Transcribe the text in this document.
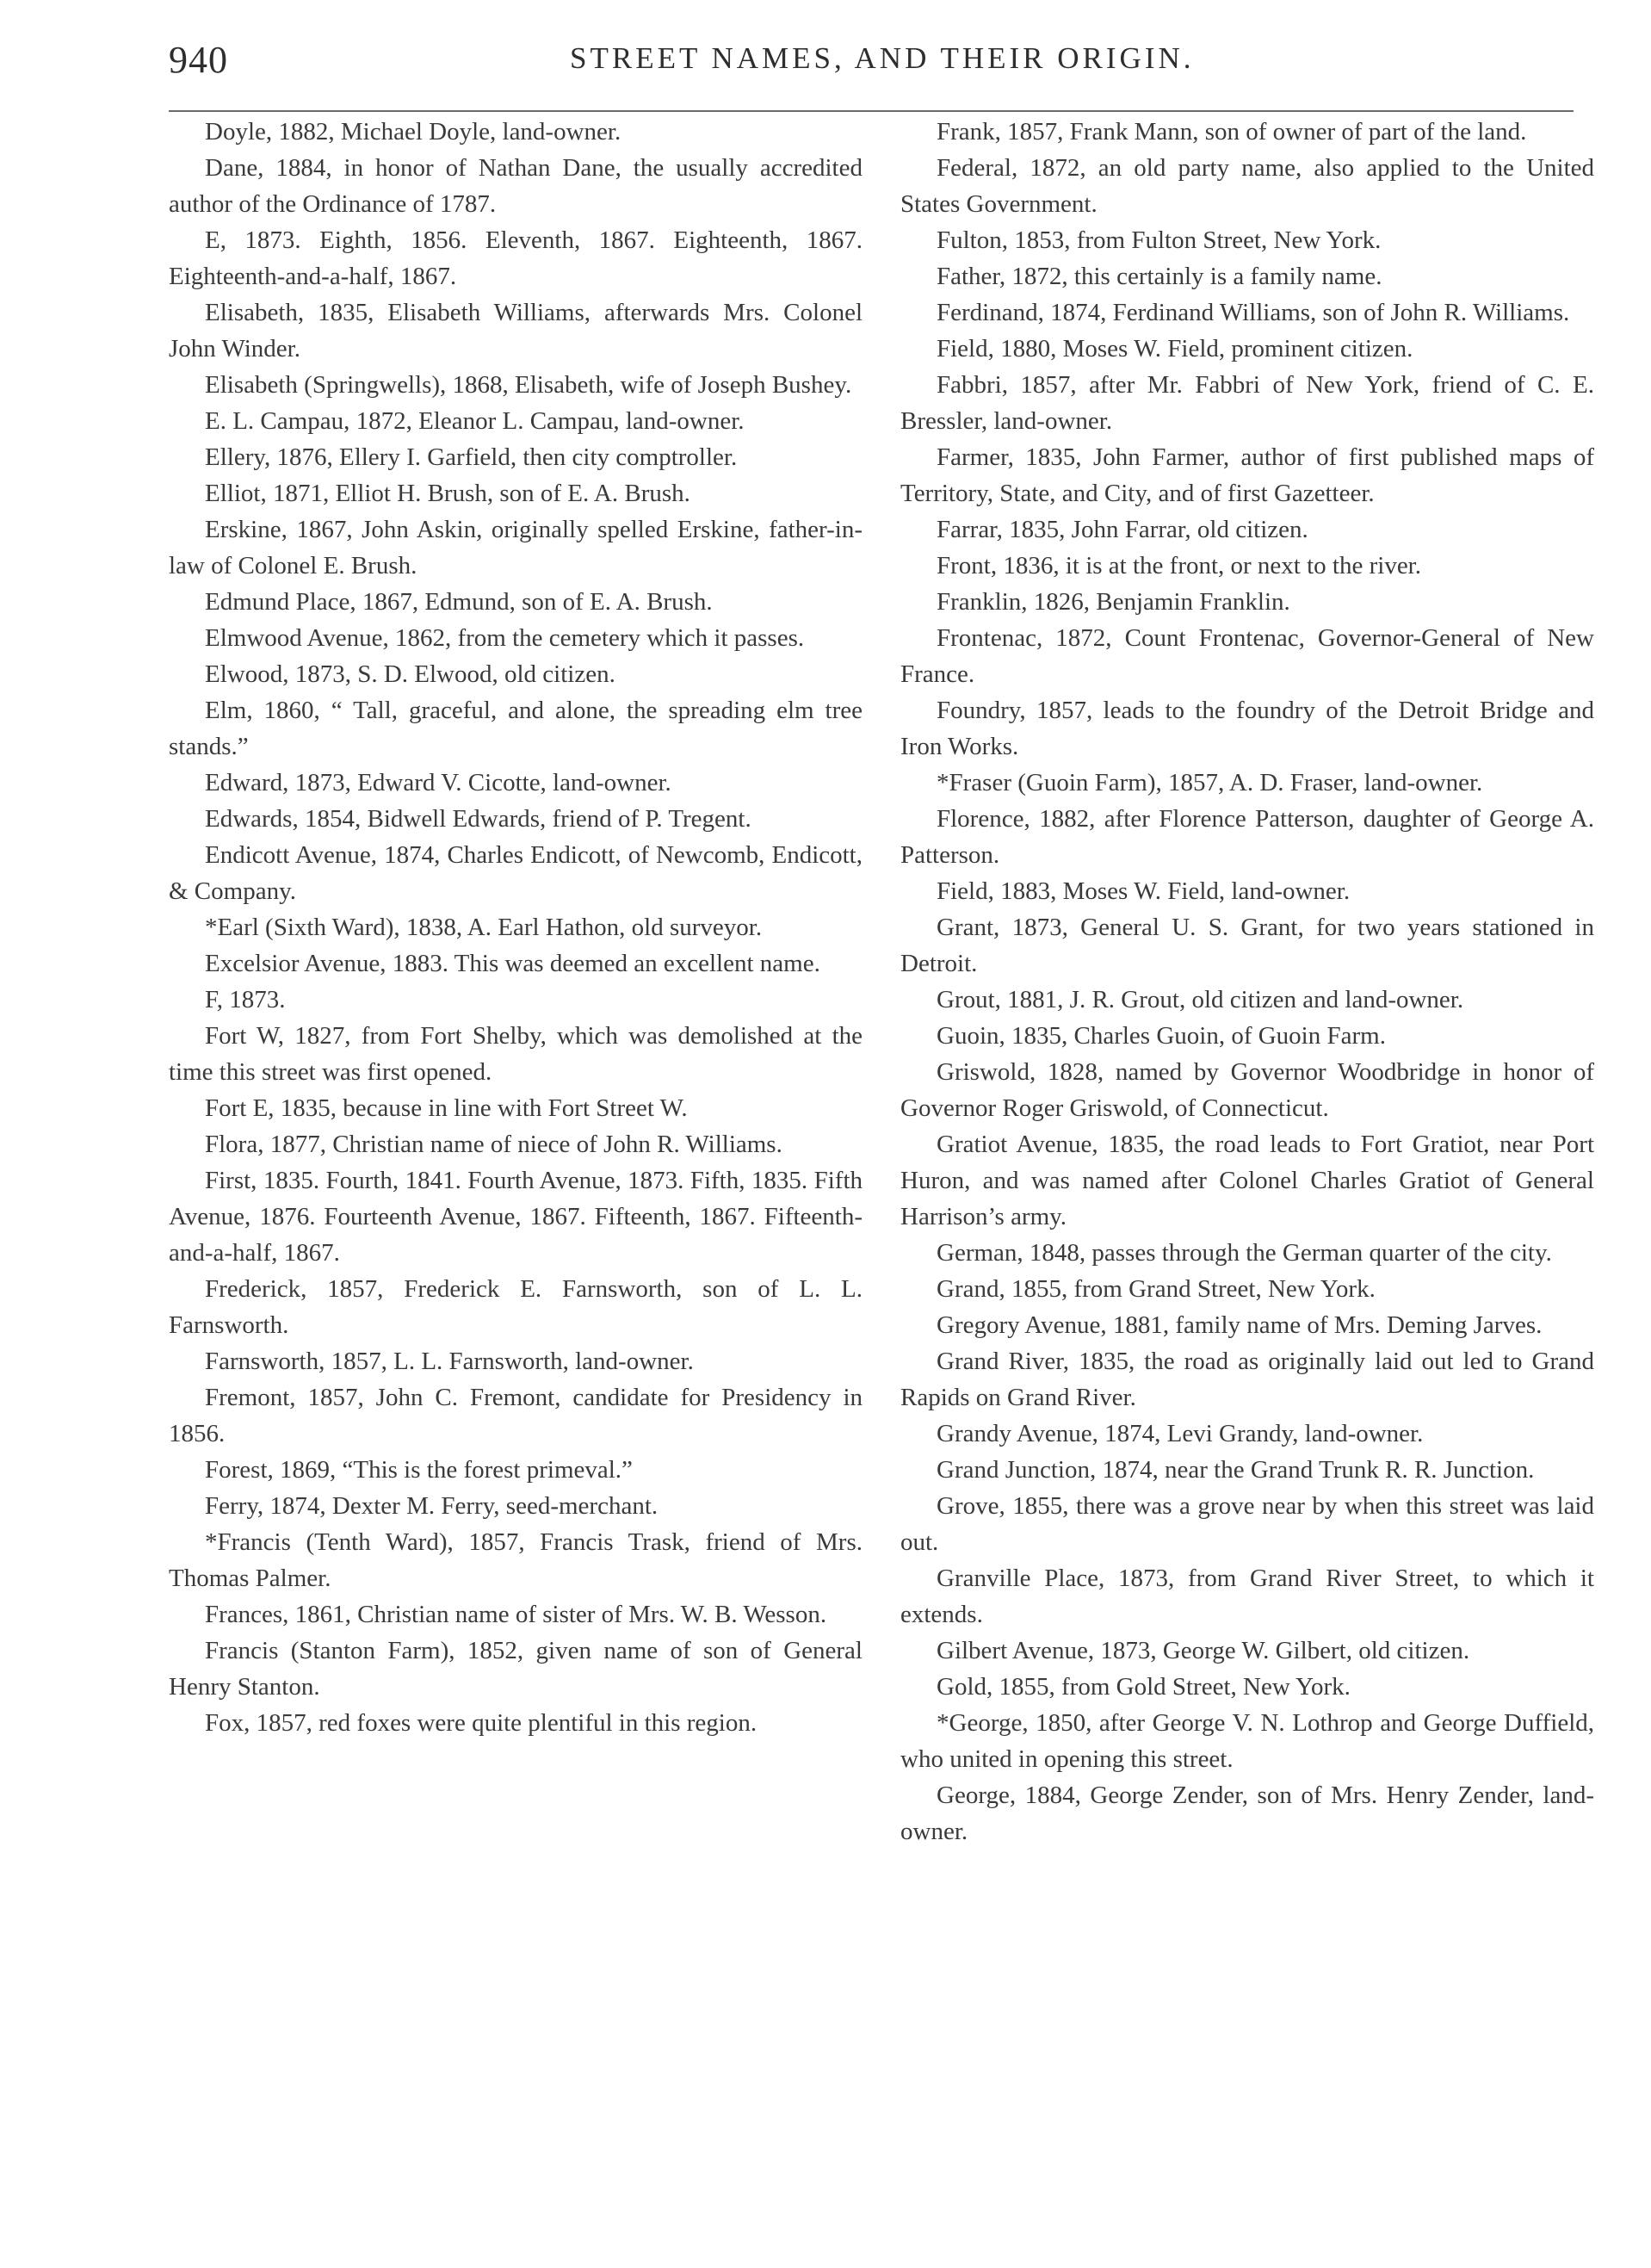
940	STREET NAMES, AND THEIR ORIGIN.

Doyle, 1882, Michael Doyle, land-owner.

Dane, 1884, in honor of Nathan Dane, the usually accredited author of the Ordinance of 1787.

E, 1873. Eighth, 1856. Eleventh, 1867. Eighteenth, 1867. Eighteenth-and-a-half, 1867.

Elisabeth, 1835, Elisabeth Williams, afterwards Mrs. Colonel John Winder.

Elisabeth (Springwells), 1868, Elisabeth, wife of Joseph Bushey.

E. L. Campau, 1872, Eleanor L. Campau, land-owner.

Ellery, 1876, Ellery I. Garfield, then city comptroller.

Elliot, 1871, Elliot H. Brush, son of E. A. Brush.

Erskine, 1867, John Askin, originally spelled Erskine, father-in-law of Colonel E. Brush.

Edmund Place, 1867, Edmund, son of E. A. Brush.

Elmwood Avenue, 1862, from the cemetery which it passes.

Elwood, 1873, S. D. Elwood, old citizen.

Elm, 1860, “ Tall, graceful, and alone, the spreading elm tree stands.”

Edward, 1873, Edward V. Cicotte, land-owner.

Edwards, 1854, Bidwell Edwards, friend of P. Tregent.

Endicott Avenue, 1874, Charles Endicott, of Newcomb, Endicott, & Company.

*Earl (Sixth Ward), 1838, A. Earl Hathon, old surveyor.

Excelsior Avenue, 1883. This was deemed an excellent name.

F, 1873.

Fort W, 1827, from Fort Shelby, which was demolished at the time this street was first opened.

Fort E, 1835, because in line with Fort Street W.

Flora, 1877, Christian name of niece of John R. Williams.

First, 1835. Fourth, 1841. Fourth Avenue, 1873. Fifth, 1835. Fifth Avenue, 1876. Fourteenth Avenue, 1867. Fifteenth, 1867. Fifteenth-and-a-half, 1867.

Frederick, 1857, Frederick E. Farnsworth, son of L. L. Farnsworth.

Farnsworth, 1857, L. L. Farnsworth, land-owner.

Fremont, 1857, John C. Fremont, candidate for Presidency in 1856.

Forest, 1869, “This is the forest primeval.”

Ferry, 1874, Dexter M. Ferry, seed-merchant.

*Francis (Tenth Ward), 1857, Francis Trask, friend of Mrs. Thomas Palmer.

Frances, 1861, Christian name of sister of Mrs. W. B. Wesson.

Francis (Stanton Farm), 1852, given name of son of General Henry Stanton.

Fox, 1857, red foxes were quite plentiful in this region.

Frank, 1857, Frank Mann, son of owner of part of the land.

Federal, 1872, an old party name, also applied to the United States Government.

Fulton, 1853, from Fulton Street, New York.

Father, 1872, this certainly is a family name.

Ferdinand, 1874, Ferdinand Williams, son of John R. Williams.

Field, 1880, Moses W. Field, prominent citizen.

Fabbri, 1857, after Mr. Fabbri of New York, friend of C. E. Bressler, land-owner.

Farmer, 1835, John Farmer, author of first published maps of Territory, State, and City, and of first Gazetteer.

Farrar, 1835, John Farrar, old citizen.

Front, 1836, it is at the front, or next to the river.

Franklin, 1826, Benjamin Franklin.

Frontenac, 1872, Count Frontenac, Governor-General of New France.

Foundry, 1857, leads to the foundry of the Detroit Bridge and Iron Works.

*Fraser (Guoin Farm), 1857, A. D. Fraser, land-owner.

Florence, 1882, after Florence Patterson, daughter of George A. Patterson.

Field, 1883, Moses W. Field, land-owner.

Grant, 1873, General U. S. Grant, for two years stationed in Detroit.

Grout, 1881, J. R. Grout, old citizen and land-owner.

Guoin, 1835, Charles Guoin, of Guoin Farm.

Griswold, 1828, named by Governor Woodbridge in honor of Governor Roger Griswold, of Connecticut.

Gratiot Avenue, 1835, the road leads to Fort Gratiot, near Port Huron, and was named after Colonel Charles Gratiot of General Harrison’s army.

German, 1848, passes through the German quarter of the city.

Grand, 1855, from Grand Street, New York.

Gregory Avenue, 1881, family name of Mrs. Deming Jarves.

Grand River, 1835, the road as originally laid out led to Grand Rapids on Grand River.

Grandy Avenue, 1874, Levi Grandy, land-owner.

Grand Junction, 1874, near the Grand Trunk R. R. Junction.

Grove, 1855, there was a grove near by when this street was laid out.

Granville Place, 1873, from Grand River Street, to which it extends.

Gilbert Avenue, 1873, George W. Gilbert, old citizen.

Gold, 1855, from Gold Street, New York.

*George, 1850, after George V. N. Lothrop and George Duffield, who united in opening this street.

George, 1884, George Zender, son of Mrs. Henry Zender, land-owner.
